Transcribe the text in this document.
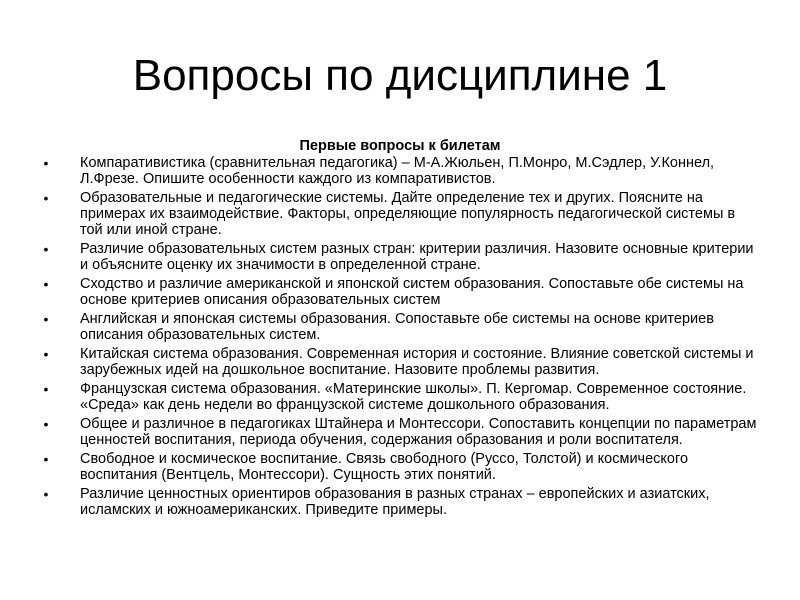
Вопросы по дисциплине 1
Первые вопросы к билетам
• Компаративистика (сравнительная педагогика) – М-А.Жюльен, П.Монро, М.Сэдлер, У.Коннел, Л.Фрезе. Опишите особенности каждого из компаративистов.
• Образовательные и педагогические системы. Дайте определение тех и других. Поясните на примерах их взаимодействие. Факторы, определяющие популярность педагогической системы в той или иной стране.
• Различие образовательных систем разных стран: критерии различия. Назовите основные критерии и объясните оценку их значимости в определенной стране.
• Сходство и различие американской и японской систем образования. Сопоставьте обе системы на основе критериев описания образовательных систем
• Английская и японская системы образования. Сопоставьте обе системы на основе критериев описания образовательных систем.
• Китайская система образования. Современная история и состояние. Влияние советской системы и зарубежных идей на дошкольное воспитание. Назовите проблемы развития.
• Французская система образования. «Материнские школы». П. Кергомар. Современное состояние. «Среда» как день недели во французской системе дошкольного образования.
• Общее и различное в педагогиках Штайнера и Монтессори. Сопоставить концепции по параметрам ценностей воспитания, периода обучения, содержания образования и роли воспитателя.
• Свободное и космическое воспитание. Связь свободного (Руссо, Толстой) и космического воспитания (Вентцель, Монтессори). Сущность этих понятий.
• Различие ценностных ориентиров образования в разных странах – европейских и азиатских, исламских и южноамериканских. Приведите примеры.
